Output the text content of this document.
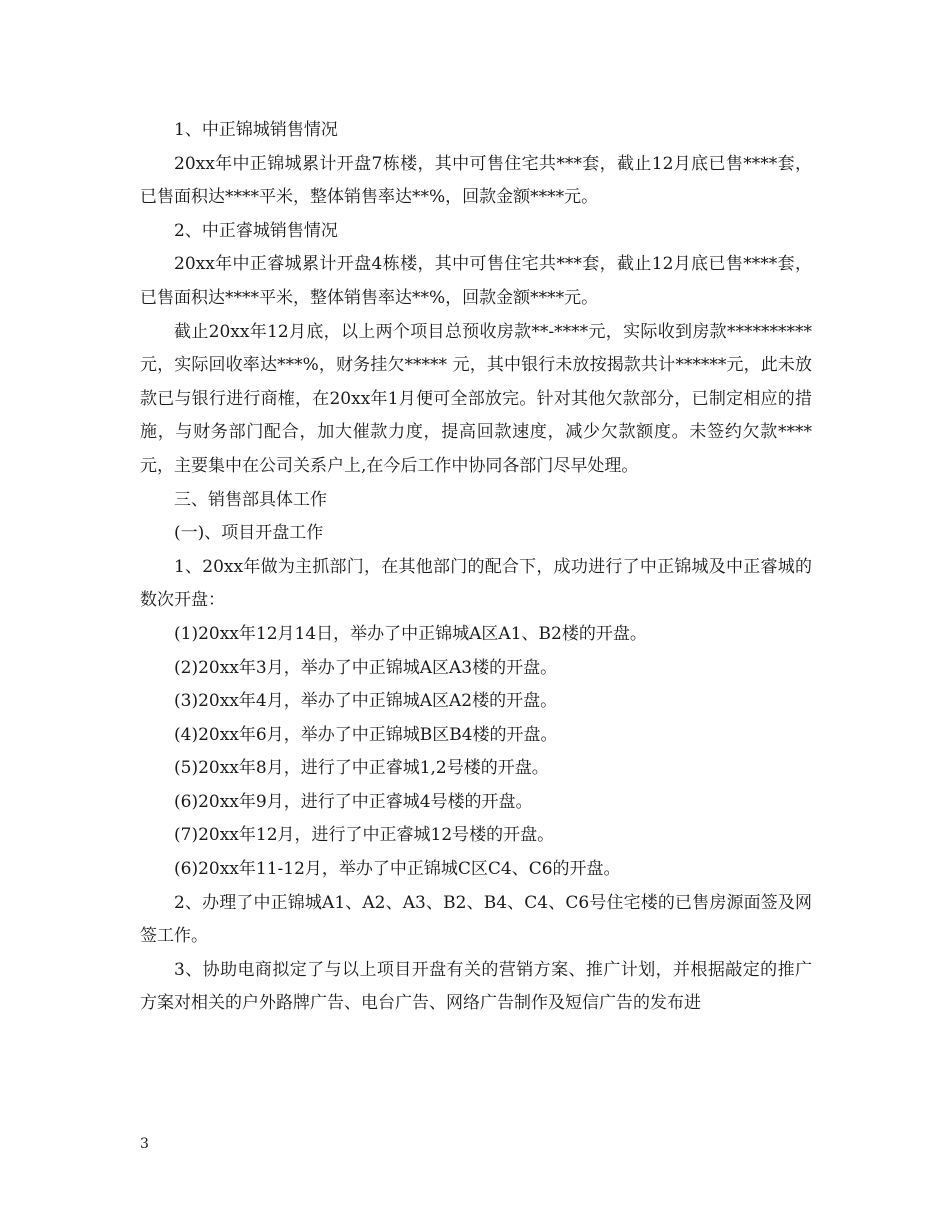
1、中正锦城销售情况

20xx年中正锦城累计开盘7栋楼，其中可售住宅共***套，截止12月底已售****套，已售面积达****平米，整体销售率达**%，回款金额****元。

2、中正睿城销售情况

20xx年中正睿城累计开盘4栋楼，其中可售住宅共***套，截止12月底已售****套，已售面积达****平米，整体销售率达**%，回款金额****元。

截止20xx年12月底，以上两个项目总预收房款**-****元，实际收到房款**********元，实际回收率达***%，财务挂欠***** 元，其中银行未放按揭款共计******元，此未放款已与银行进行商榷，在20xx年1月便可全部放完。针对其他欠款部分，已制定相应的措施，与财务部门配合，加大催款力度，提高回款速度，减少欠款额度。未签约欠款****元，主要集中在公司关系户上,在今后工作中协同各部门尽早处理。

三、销售部具体工作

(一)、项目开盘工作

1、20xx年做为主抓部门，在其他部门的配合下，成功进行了中正锦城及中正睿城的数次开盘：

(1)20xx年12月14日，举办了中正锦城A区A1、B2楼的开盘。

(2)20xx年3月，举办了中正锦城A区A3楼的开盘。

(3)20xx年4月，举办了中正锦城A区A2楼的开盘。

(4)20xx年6月，举办了中正锦城B区B4楼的开盘。

(5)20xx年8月，进行了中正睿城1,2号楼的开盘。

(6)20xx年9月，进行了中正睿城4号楼的开盘。

(7)20xx年12月，进行了中正睿城12号楼的开盘。

(6)20xx年11-12月，举办了中正锦城C区C4、C6的开盘。

2、办理了中正锦城A1、A2、A3、B2、B4、C4、C6号住宅楼的已售房源面签及网签工作。

3、协助电商拟定了与以上项目开盘有关的营销方案、推广计划，并根据敲定的推广方案对相关的户外路牌广告、电台广告、网络广告制作及短信广告的发布进

3
